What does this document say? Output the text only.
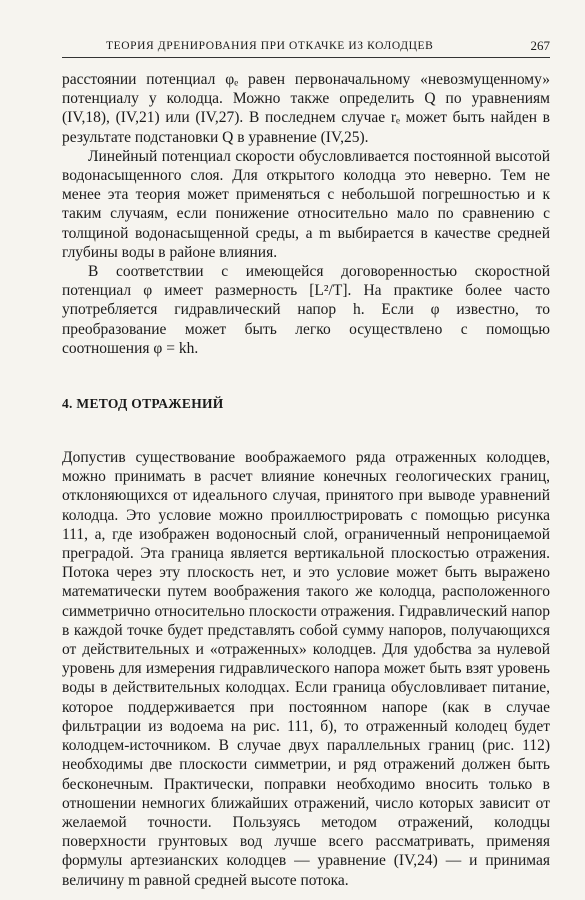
ТЕОРИЯ ДРЕНИРОВАНИЯ ПРИ ОТКАЧКЕ ИЗ КОЛОДЦЕВ	267

расстоянии потенциал φₑ равен первоначальному «невозмущенному» потенциалу у колодца. Можно также определить Q по уравнениям (IV,18), (IV,21) или (IV,27). В последнем случае rₑ может быть найден в результате подстановки Q в уравнение (IV,25).

Линейный потенциал скорости обусловливается постоянной высотой водонасыщенного слоя. Для открытого колодца это неверно. Тем не менее эта теория может применяться с небольшой погрешностью и к таким случаям, если понижение относительно мало по сравнению с толщиной водонасыщенной среды, а m выбирается в качестве средней глубины воды в районе влияния.

В соответствии с имеющейся договоренностью скоростной потенциал φ имеет размерность [L²/T]. На практике более часто употребляется гидравлический напор h. Если φ известно, то преобразование может быть легко осуществлено с помощью соотношения φ = kh.

4. МЕТОД ОТРАЖЕНИЙ

Допустив существование воображаемого ряда отраженных колодцев, можно принимать в расчет влияние конечных геологических границ, отклоняющихся от идеального случая, принятого при выводе уравнений колодца. Это условие можно проиллюстрировать с помощью рисунка 111, а, где изображен водоносный слой, ограниченный непроницаемой преградой. Эта граница является вертикальной плоскостью отражения. Потока через эту плоскость нет, и это условие может быть выражено математически путем воображения такого же колодца, расположенного симметрично относительно плоскости отражения. Гидравлический напор в каждой точке будет представлять собой сумму напоров, получающихся от действительных и «отраженных» колодцев. Для удобства за нулевой уровень для измерения гидравлического напора может быть взят уровень воды в действительных колодцах. Если граница обусловливает питание, которое поддерживается при постоянном напоре (как в случае фильтрации из водоема на рис. 111, б), то отраженный колодец будет колодцем-источником. В случае двух параллельных границ (рис. 112) необходимы две плоскости симметрии, и ряд отражений должен быть бесконечным. Практически, поправки необходимо вносить только в отношении немногих ближайших отражений, число которых зависит от желаемой точности. Пользуясь методом отражений, колодцы поверхности грунтовых вод лучше всего рассматривать, применяя формулы артезианских колодцев — уравнение (IV,24) — и принимая величину m равной средней высоте потока.
